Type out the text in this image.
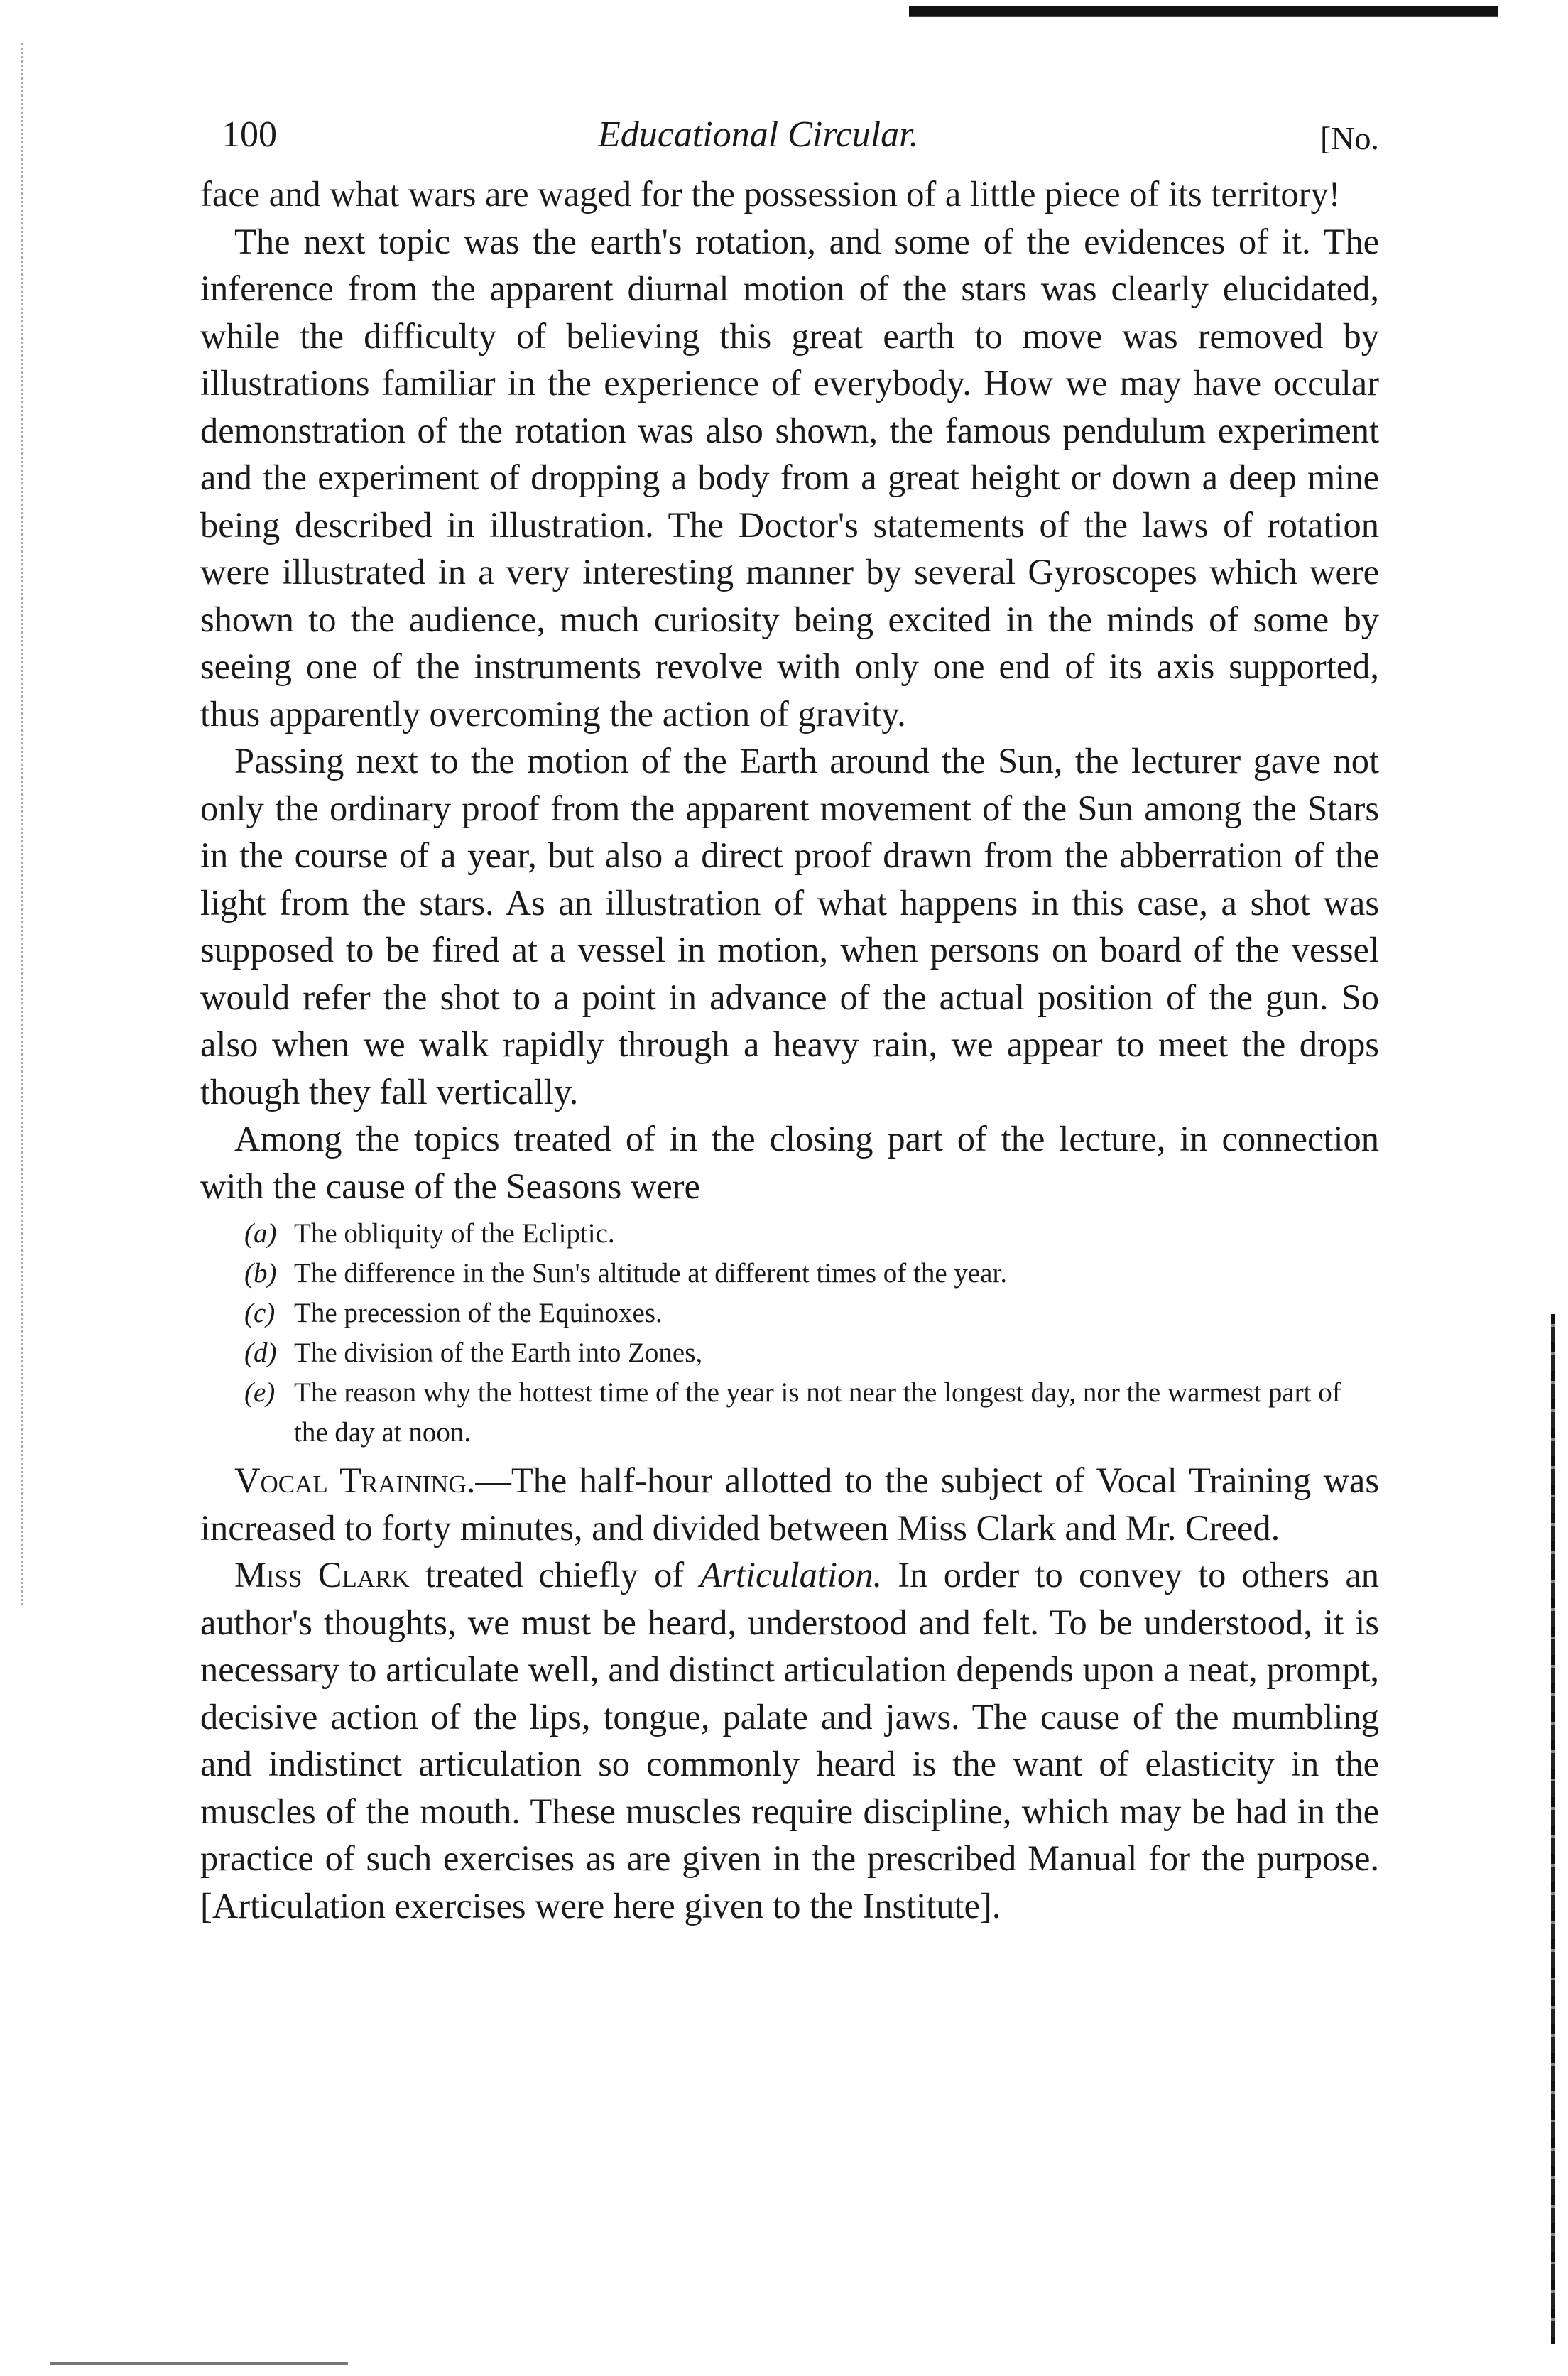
100	Educational Circular.	[No.

face and what wars are waged for the possession of a little piece of its territory!

The next topic was the earth's rotation, and some of the evidences of it. The inference from the apparent diurnal motion of the stars was clearly elucidated, while the difficulty of believing this great earth to move was removed by illustrations familiar in the experience of everybody. How we may have occular demonstration of the rotation was also shown, the famous pendulum experiment and the experiment of dropping a body from a great height or down a deep mine being described in illustration. The Doctor's statements of the laws of rotation were illustrated in a very interesting manner by several Gyroscopes which were shown to the audience, much curiosity being excited in the minds of some by seeing one of the instruments revolve with only one end of its axis supported, thus apparently overcoming the action of gravity.

Passing next to the motion of the Earth around the Sun, the lecturer gave not only the ordinary proof from the apparent movement of the Sun among the Stars in the course of a year, but also a direct proof drawn from the abberration of the light from the stars. As an illustration of what happens in this case, a shot was supposed to be fired at a vessel in motion, when persons on board of the vessel would refer the shot to a point in advance of the actual position of the gun. So also when we walk rapidly through a heavy rain, we appear to meet the drops though they fall vertically.

Among the topics treated of in the closing part of the lecture, in connection with the cause of the Seasons were

(a) The obliquity of the Ecliptic.
(b) The difference in the Sun's altitude at different times of the year.
(c) The precession of the Equinoxes.
(d) The division of the Earth into Zones,
(e) The reason why the hottest time of the year is not near the longest day, nor the warmest part of the day at noon.

Vocal Training.—The half-hour allotted to the subject of Vocal Training was increased to forty minutes, and divided between Miss Clark and Mr. Creed.

Miss Clark treated chiefly of Articulation. In order to convey to others an author's thoughts, we must be heard, understood and felt. To be understood, it is necessary to articulate well, and distinct articulation depends upon a neat, prompt, decisive action of the lips, tongue, palate and jaws. The cause of the mumbling and indistinct articulation so commonly heard is the want of elasticity in the muscles of the mouth. These muscles require discipline, which may be had in the practice of such exercises as are given in the prescribed Manual for the purpose. [Articulation exercises were here given to the Institute].
